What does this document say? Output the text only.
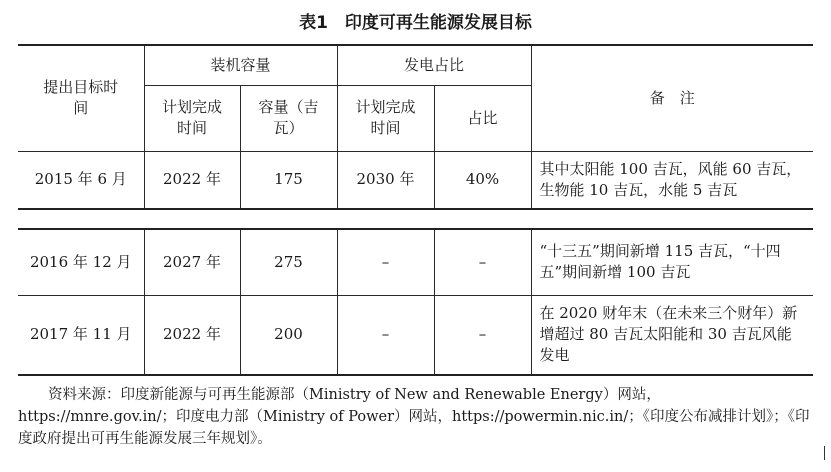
表1　印度可再生能源发展目标
提出目标时间	装机容量		发电占比		备　注
	计划完成时间	容量（吉瓦）	计划完成时间	占比	
2015 年 6 月	2022 年	175	2030 年	40%	其中太阳能 100 吉瓦，风能 60 吉瓦，生物能 10 吉瓦，水能 5 吉瓦
2016 年 12 月	2027 年	275	–	–	“十三五”期间新增 115 吉瓦，“十四五”期间新增 100 吉瓦
2017 年 11 月	2022 年	200	–	–	在 2020 财年末（在未来三个财年）新增超过 80 吉瓦太阳能和 30 吉瓦风能发电
资料来源：印度新能源与可再生能源部（Ministry of New and Renewable Energy）网站，https://mnre.gov.in/；印度电力部（Ministry of Power）网站，https://powermin.nic.in/；《印度公布减排计划》；《印度政府提出可再生能源发展三年规划》。
